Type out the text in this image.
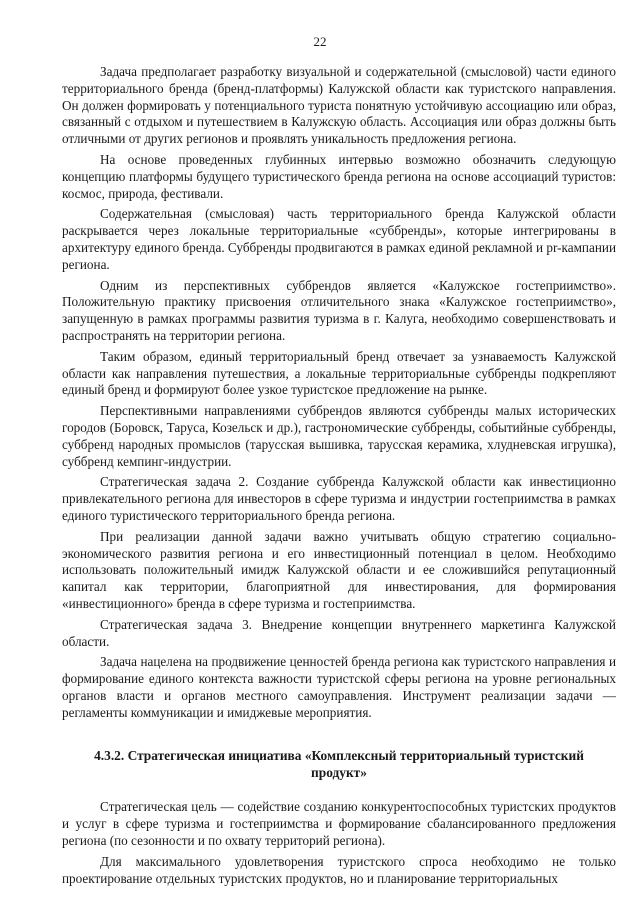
22

Задача предполагает разработку визуальной и содержательной (смысловой) части единого территориального бренда (бренд-платформы) Калужской области как туристского направления. Он должен формировать у потенциального туриста понятную устойчивую ассоциацию или образ, связанный с отдыхом и путешествием в Калужскую область. Ассоциация или образ должны быть отличными от других регионов и проявлять уникальность предложения региона.

На основе проведенных глубинных интервью возможно обозначить следующую концепцию платформы будущего туристического бренда региона на основе ассоциаций туристов: космос, природа, фестивали.

Содержательная (смысловая) часть территориального бренда Калужской области раскрывается через локальные территориальные «суббренды», которые интегрированы в архитектуру единого бренда. Суббренды продвигаются в рамках единой рекламной и pr-кампании региона.

Одним из перспективных суббрендов является «Калужское гостеприимство». Положительную практику присвоения отличительного знака «Калужское гостеприимство», запущенную в рамках программы развития туризма в г. Калуга, необходимо совершенствовать и распространять на территории региона.

Таким образом, единый территориальный бренд отвечает за узнаваемость Калужской области как направления путешествия, а локальные территориальные суббренды подкрепляют единый бренд и формируют более узкое туристское предложение на рынке.

Перспективными направлениями суббрендов являются суббренды малых исторических городов (Боровск, Таруса, Козельск и др.), гастрономические суббренды, событийные суббренды, суббренд народных промыслов (тарусская вышивка, тарусская керамика, хлудневская игрушка), суббренд кемпинг-индустрии.

Стратегическая задача 2. Создание суббренда Калужской области как инвестиционно привлекательного региона для инвесторов в сфере туризма и индустрии гостеприимства в рамках единого туристического территориального бренда региона.

При реализации данной задачи важно учитывать общую стратегию социально-экономического развития региона и его инвестиционный потенциал в целом. Необходимо использовать положительный имидж Калужской области и ее сложившийся репутационный капитал как территории, благоприятной для инвестирования, для формирования «инвестиционного» бренда в сфере туризма и гостеприимства.

Стратегическая задача 3. Внедрение концепции внутреннего маркетинга Калужской области.

Задача нацелена на продвижение ценностей бренда региона как туристского направления и формирование единого контекста важности туристской сферы региона на уровне региональных органов власти и органов местного самоуправления. Инструмент реализации задачи — регламенты коммуникации и имиджевые мероприятия.

4.3.2. Стратегическая инициатива «Комплексный территориальный туристский продукт»

Стратегическая цель — содействие созданию конкурентоспособных туристских продуктов и услуг в сфере туризма и гостеприимства и формирование сбалансированного предложения региона (по сезонности и по охвату территорий региона).

Для максимального удовлетворения туристского спроса необходимо не только проектирование отдельных туристских продуктов, но и планирование территориальных
